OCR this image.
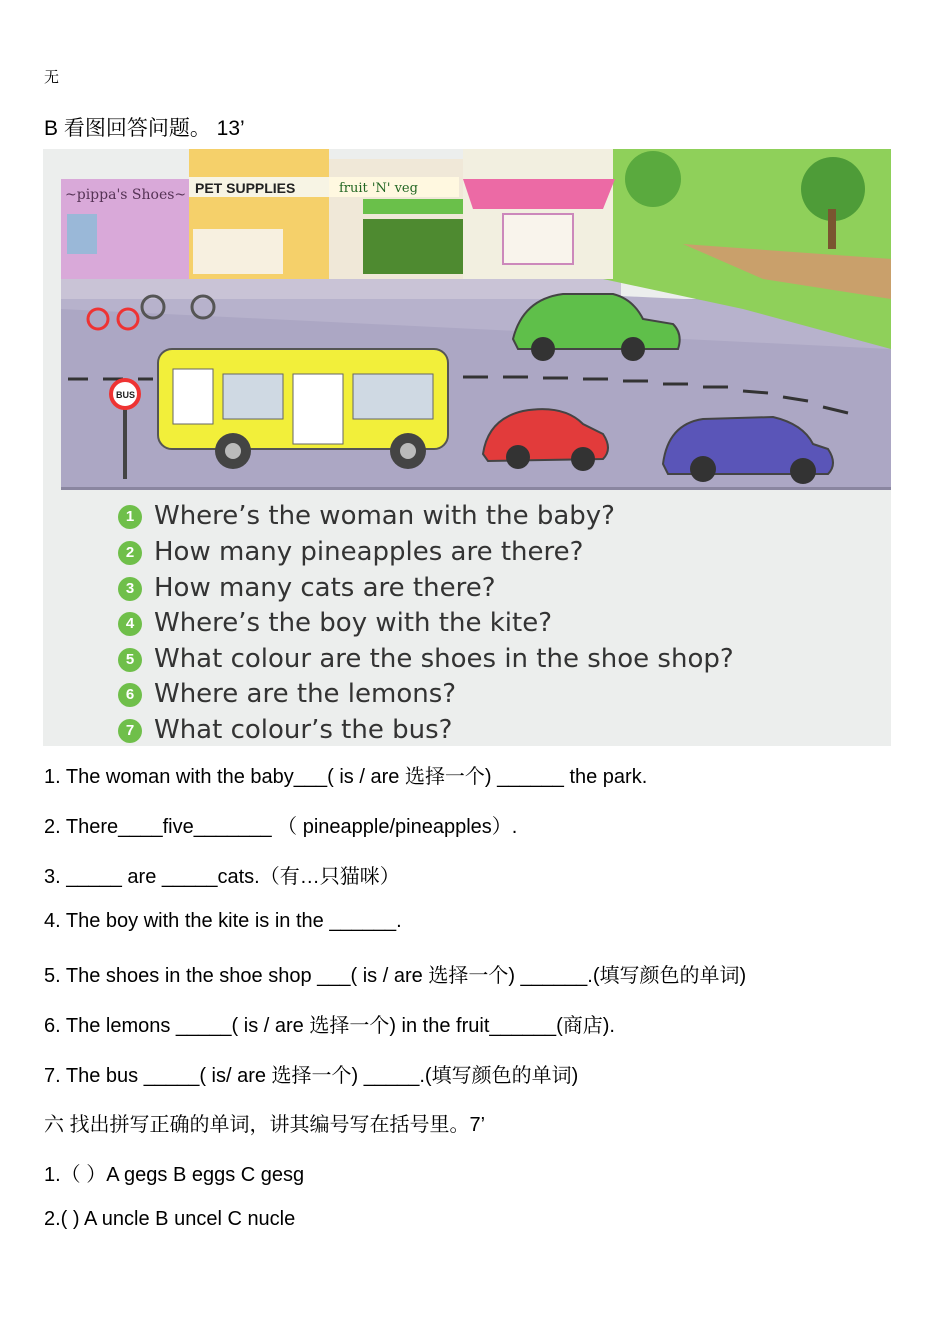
无
B 看图回答问题。 13’
~pippa's Shoes~ PET SUPPLIES	fruit 'N' veg
BUS
1 Where’s the woman with the baby?
2 How many pineapples are there?
3 How many cats are there?
4 Where’s the boy with the kite?
5 What colour are the shoes in the shoe shop?
6 Where are the lemons?
7 What colour’s the bus?
1. The woman with the baby___( is / are 选择一个) ______ the park.
2. There____five_______ （ pineapple/pineapples）.
3. _____ are _____cats.（有…只猫咪）
4. The boy with the kite is in the ______.
5. The shoes in the shoe shop ___( is / are 选择一个) ______.(填写颜色的单词)
6. The lemons _____( is / are 选择一个) in the fruit______(商店).
7. The bus _____( is/ are 选择一个) _____.(填写颜色的单词)
六 找出拼写正确的单词，讲其编号写在括号里。7’
1.（ ）A gegs B eggs C gesg
2.( ) A uncle B uncel C nucle
